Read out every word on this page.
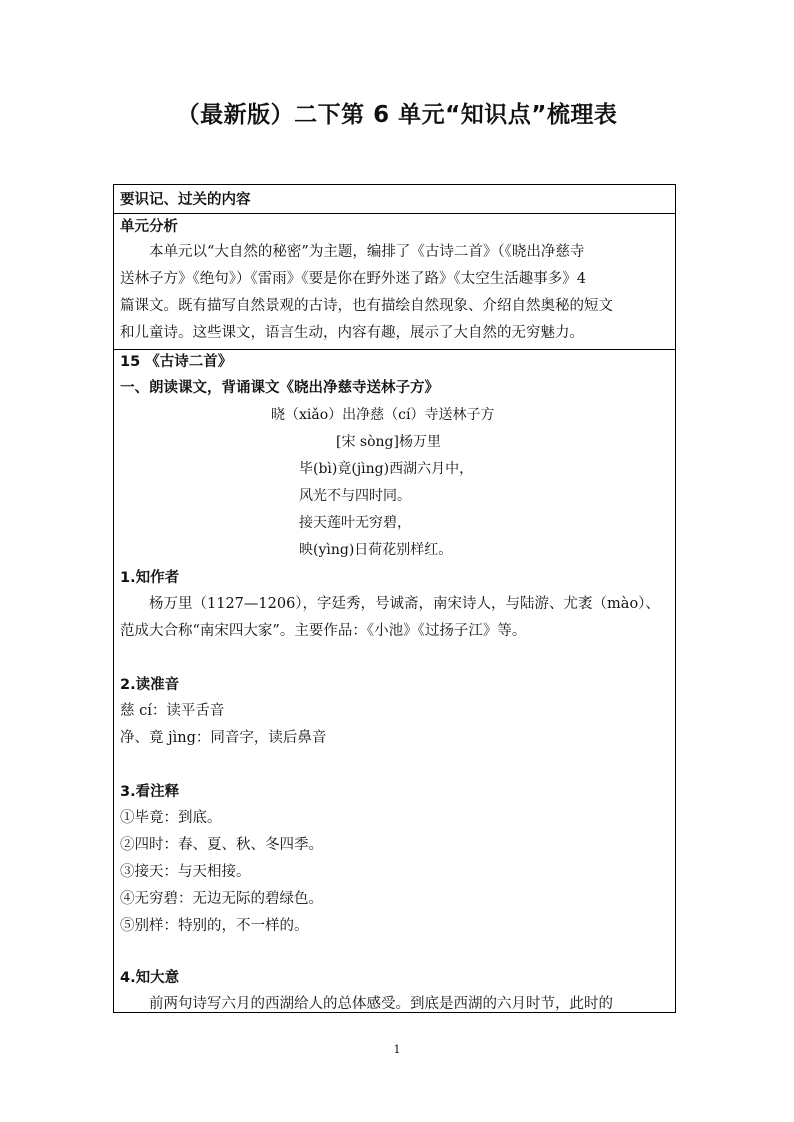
（最新版）二下第 6 单元“知识点”梳理表
要识记、过关的内容
单元分析
本单元以“大自然的秘密”为主题，编排了《古诗二首》（《晓出净慈寺
送林子方》《绝句》）《雷雨》《要是你在野外迷了路》《太空生活趣事多》4
篇课文。既有描写自然景观的古诗，也有描绘自然现象、介绍自然奥秘的短文
和儿童诗。这些课文，语言生动，内容有趣，展示了大自然的无穷魅力。
15 《古诗二首》
一、朗读课文，背诵课文《晓出净慈寺送林子方》
晓（xiǎo）出净慈（cí）寺送林子方
[宋 sòng]杨万里
毕(bì)竟(jìng)西湖六月中，
风光不与四时同。
接天莲叶无穷碧，
映(yìng)日荷花别样红。
1.知作者
杨万里（1127—1206），字廷秀，号诚斋，南宋诗人，与陆游、尤袤（mào）、
范成大合称“南宋四大家”。主要作品：《小池》《过扬子江》等。
2.读准音
慈 cí：读平舌音
净、竟 jìng：同音字，读后鼻音
3.看注释
①毕竟：到底。
②四时：春、夏、秋、冬四季。
③接天：与天相接。
④无穷碧：无边无际的碧绿色。
⑤别样：特别的，不一样的。
4.知大意
前两句诗写六月的西湖给人的总体感受。到底是西湖的六月时节，此时的
1
